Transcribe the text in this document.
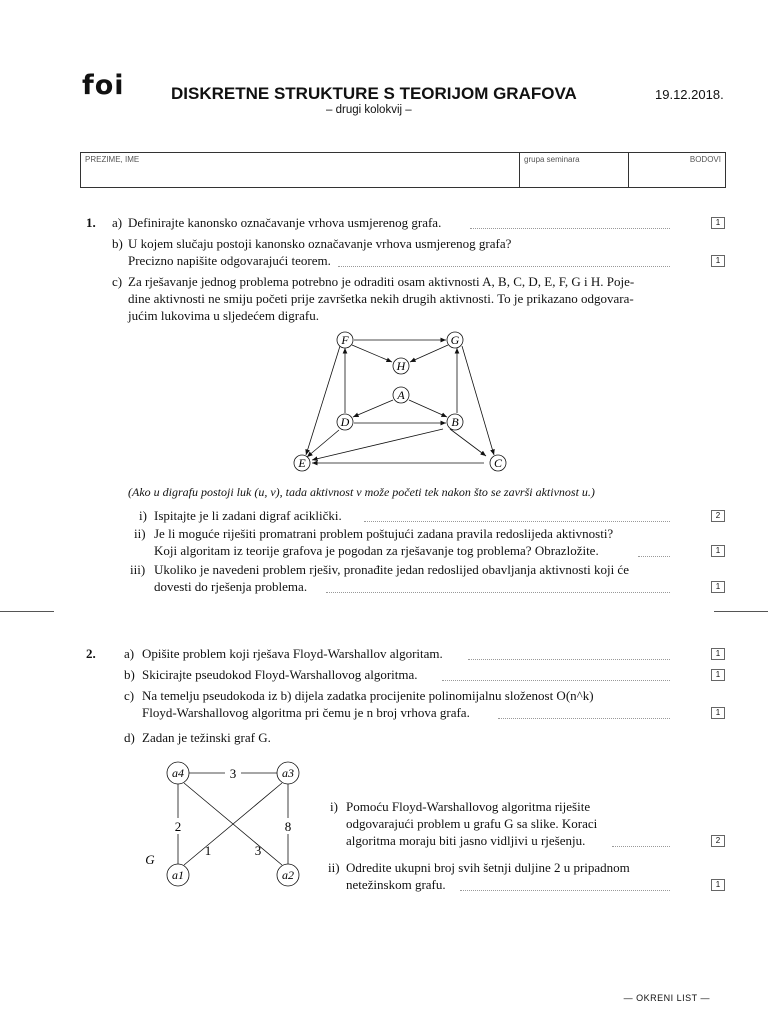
foi	DISKRETNE STRUKTURE S TEORIJOM GRAFOVA
– drugi kolokvij –
19.12.2018.
PREZIME, IME	grupa seminara	BODOVI
1. a) Definirajte kanonsko označavanje vrhova usmjerenog grafa.	1
b) U kojem slučaju postoji kanonsko označavanje vrhova usmjerenog grafa?
Precizno napišite odgovarajući teorem.	1
c) Za rješavanje jednog problema potrebno je odraditi osam aktivnosti A, B, C, D, E, F, G i H. Poje-
dine aktivnosti ne smiju početi prije završetka nekih drugih aktivnosti. To je prikazano odgovara-
jućim lukovima u sljedećem digrafu.
F	G
H
A
D	B
E	C
(Ako u digrafu postoji luk (u, v), tada aktivnost v može početi tek nakon što se završi aktivnost u.)
i) Ispitajte je li zadani digraf aciklički.	2
ii) Je li moguće riješiti promatrani problem poštujući zadana pravila redoslijeda aktivnosti?
Koji algoritam iz teorije grafova je pogodan za rješavanje tog problema? Obrazložite.	1
iii) Ukoliko je navedeni problem rješiv, pronađite jedan redoslijed obavljanja aktivnosti koji će
dovesti do rješenja problema.	1
2. a) Opišite problem koji rješava Floyd-Warshallov algoritam.	1
b) Skicirajte pseudokod Floyd-Warshallovog algoritma.	1
c) Na temelju pseudokoda iz b) dijela zadatka procijenite polinomijalnu složenost O(n^k)
Floyd-Warshallovog algoritma pri čemu je n broj vrhova grafa.	1
d) Zadan je težinski graf G.
a4	a3
a1	a2
3
2	8
1	3
G
i) Pomoću Floyd-Warshallovog algoritma riješite
odgovarajući problem u grafu G sa slike. Koraci
algoritma moraju biti jasno vidljivi u rješenju.	2
ii) Odredite ukupni broj svih šetnji duljine 2 u pripadnom
netežinskom grafu.	1
— OKRENI LIST —
